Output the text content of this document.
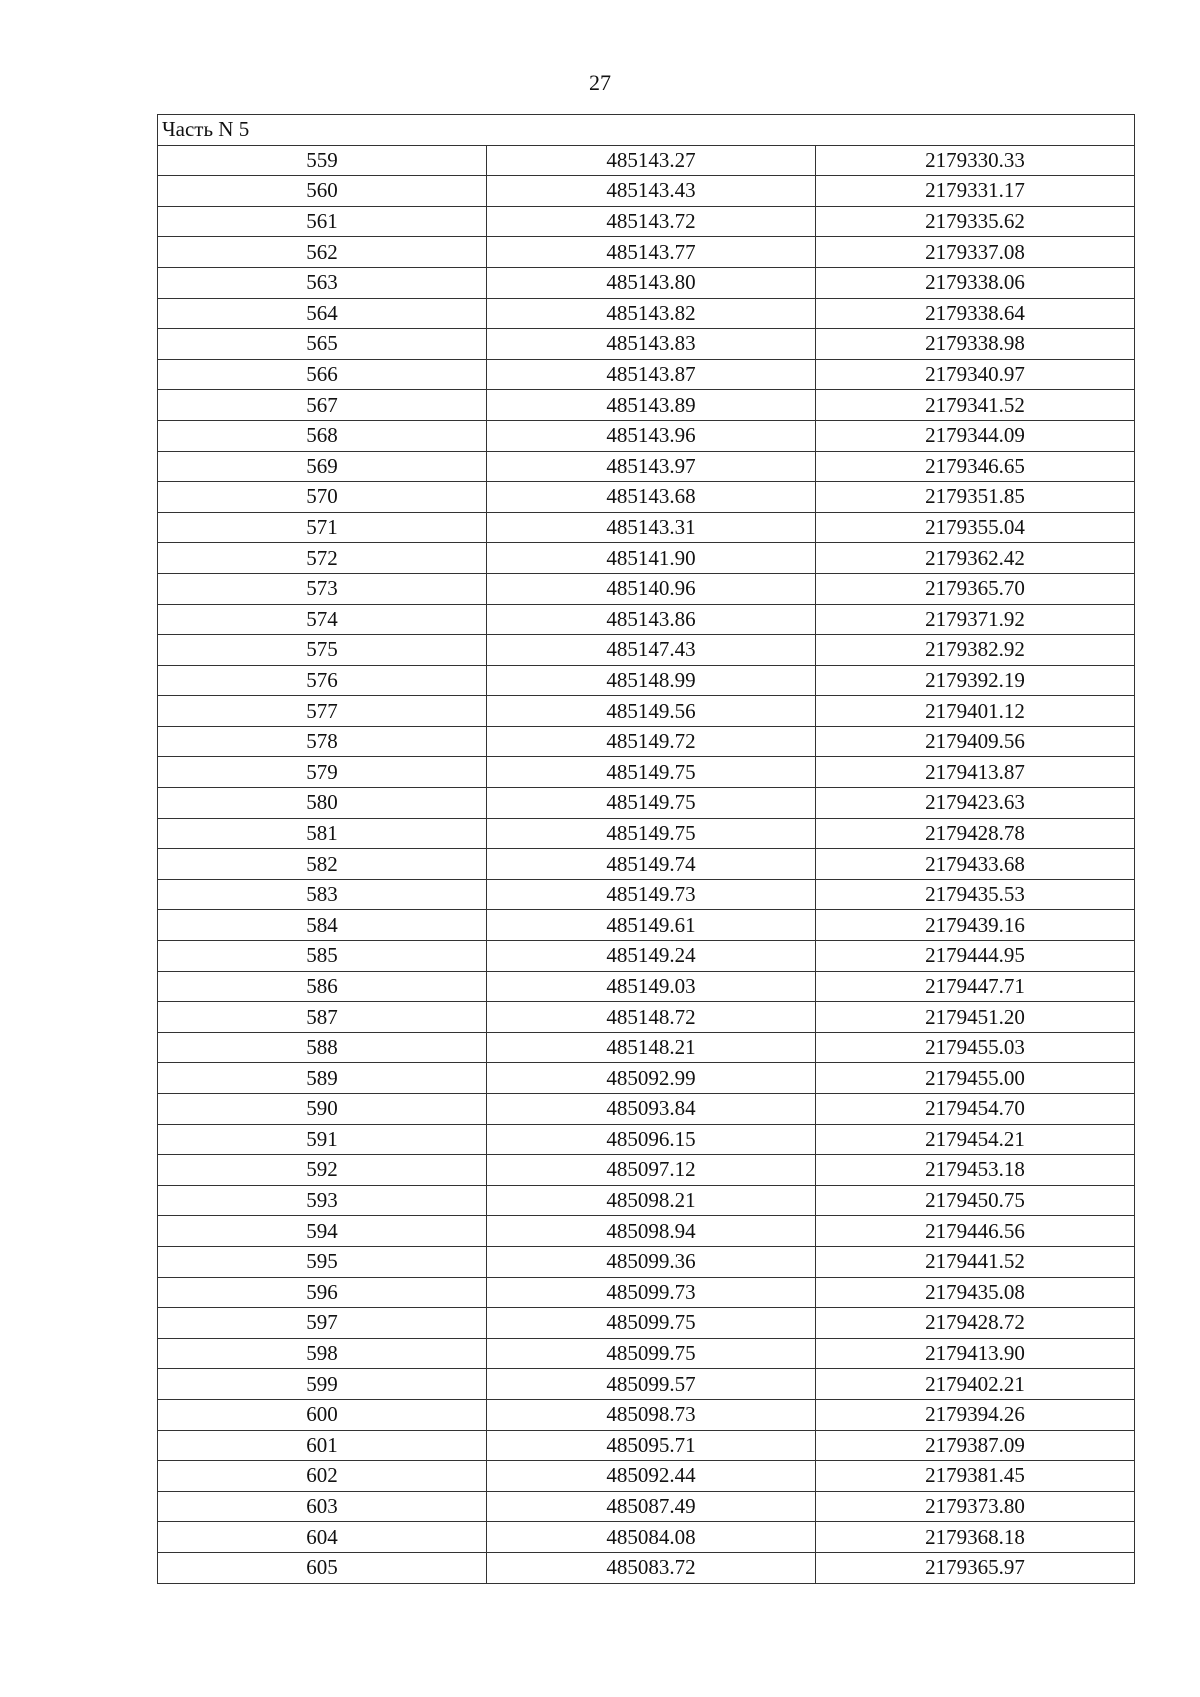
27
Часть N 5		
559	485143.27	2179330.33
560	485143.43	2179331.17
561	485143.72	2179335.62
562	485143.77	2179337.08
563	485143.80	2179338.06
564	485143.82	2179338.64
565	485143.83	2179338.98
566	485143.87	2179340.97
567	485143.89	2179341.52
568	485143.96	2179344.09
569	485143.97	2179346.65
570	485143.68	2179351.85
571	485143.31	2179355.04
572	485141.90	2179362.42
573	485140.96	2179365.70
574	485143.86	2179371.92
575	485147.43	2179382.92
576	485148.99	2179392.19
577	485149.56	2179401.12
578	485149.72	2179409.56
579	485149.75	2179413.87
580	485149.75	2179423.63
581	485149.75	2179428.78
582	485149.74	2179433.68
583	485149.73	2179435.53
584	485149.61	2179439.16
585	485149.24	2179444.95
586	485149.03	2179447.71
587	485148.72	2179451.20
588	485148.21	2179455.03
589	485092.99	2179455.00
590	485093.84	2179454.70
591	485096.15	2179454.21
592	485097.12	2179453.18
593	485098.21	2179450.75
594	485098.94	2179446.56
595	485099.36	2179441.52
596	485099.73	2179435.08
597	485099.75	2179428.72
598	485099.75	2179413.90
599	485099.57	2179402.21
600	485098.73	2179394.26
601	485095.71	2179387.09
602	485092.44	2179381.45
603	485087.49	2179373.80
604	485084.08	2179368.18
605	485083.72	2179365.97
